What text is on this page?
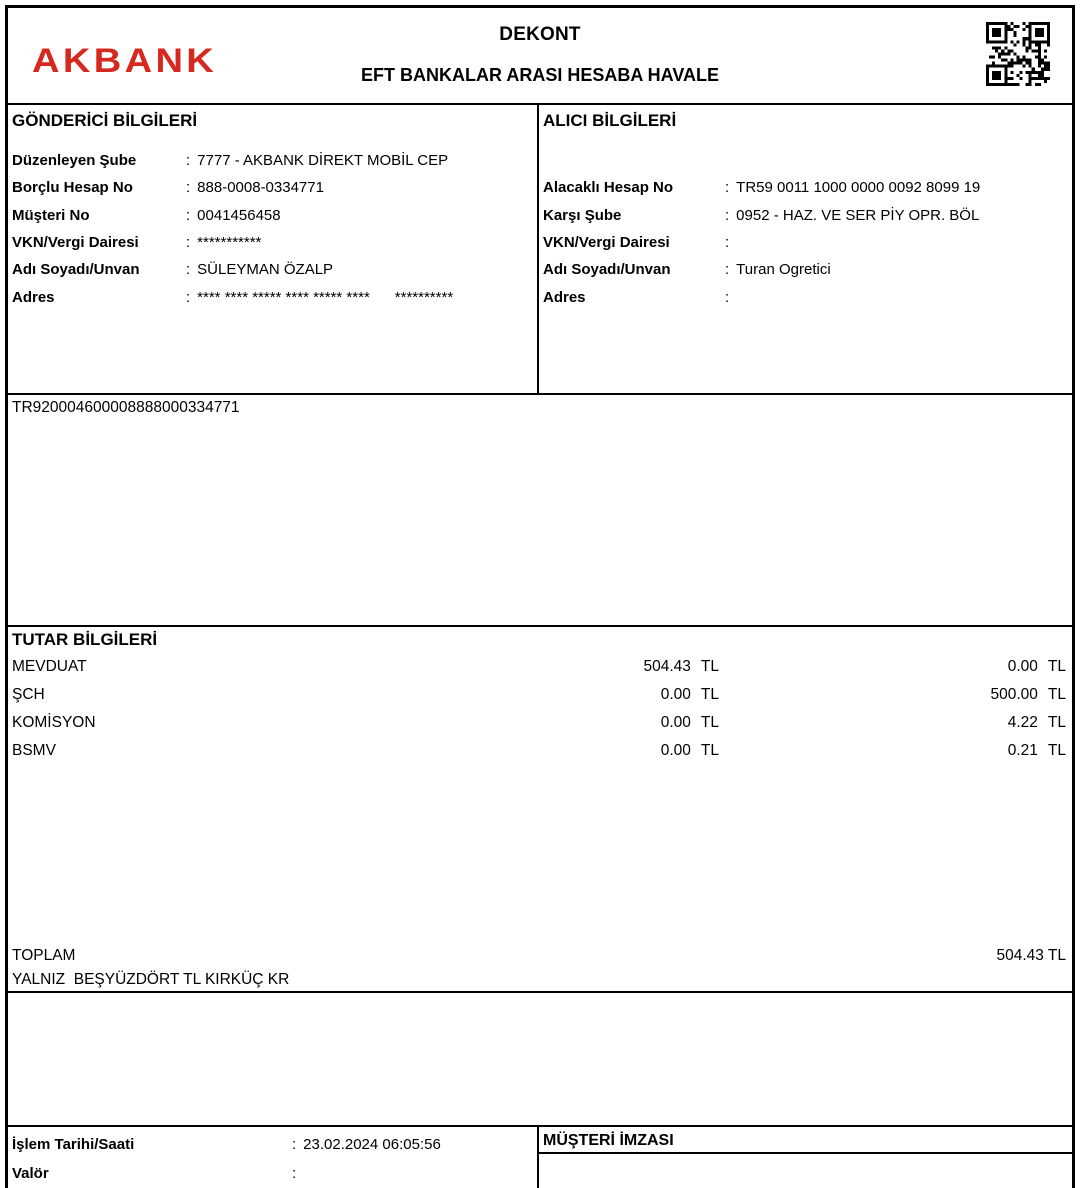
AKBANK
DEKONT
EFT BANKALAR ARASI HESABA HAVALE
GÖNDERİCİ BİLGİLERİ
Düzenleyen Şube	: 7777 - AKBANK DİREKT MOBİL CEP
Borçlu Hesap No	: 888-0008-0334771
Müşteri No	: 0041456458
VKN/Vergi Dairesi	: ***********
Adı Soyadı/Unvan	: SÜLEYMAN ÖZALP
Adres	: **** **** ***** **** ***** ****      **********
ALICI BİLGİLERİ
Alacaklı Hesap No	: TR59 0011 1000 0000 0092 8099 19
Karşı Şube	: 0952 - HAZ. VE SER PİY OPR. BÖL
VKN/Vergi Dairesi	:
Adı Soyadı/Unvan	: Turan Ogretici
Adres	:
TR920004600008888000334771
TUTAR BİLGİLERİ
MEVDUAT	504.43 TL	0.00 TL
ŞCH	0.00 TL	500.00 TL
KOMİSYON	0.00 TL	4.22 TL
BSMV	0.00 TL	0.21 TL
TOPLAM	504.43 TL
YALNIZ  BEŞYÜZDÖRT TL KIRKÜÇ KR
İşlem Tarihi/Saati	: 23.02.2024 06:05:56
Valör	:
MÜŞTERİ İMZASI
